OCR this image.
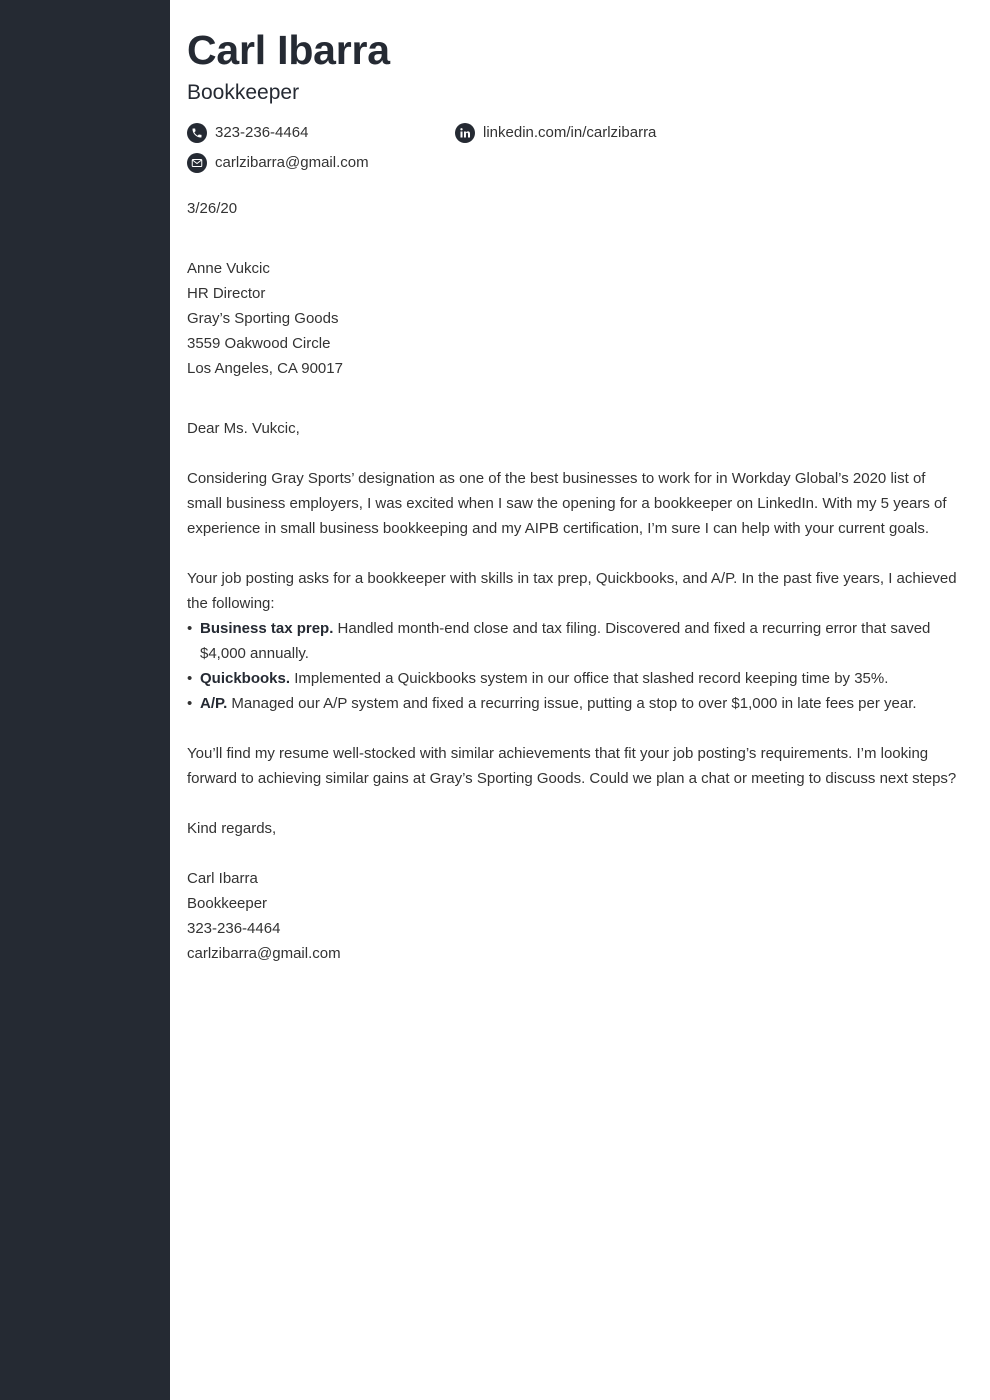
Carl Ibarra
Bookkeeper
323-236-4464	linkedin.com/in/carlzibarra
carlzibarra@gmail.com
3/26/20
Anne Vukcic
HR Director
Gray’s Sporting Goods
3559 Oakwood Circle
Los Angeles, CA 90017
Dear Ms. Vukcic,

Considering Gray Sports’ designation as one of the best businesses to work for in Workday Global’s 2020 list of small business employers, I was excited when I saw the opening for a bookkeeper on LinkedIn. With my 5 years of experience in small business bookkeeping and my AIPB certification, I’m sure I can help with your current goals.

Your job posting asks for a bookkeeper with skills in tax prep, Quickbooks, and A/P. In the past five years, I achieved the following:

• Business tax prep. Handled month-end close and tax filing. Discovered and fixed a recurring error that saved $4,000 annually.
• Quickbooks. Implemented a Quickbooks system in our office that slashed record keeping time by 35%.
• A/P. Managed our A/P system and fixed a recurring issue, putting a stop to over $1,000 in late fees per year.

You’ll find my resume well-stocked with similar achievements that fit your job posting’s requirements. I’m looking forward to achieving similar gains at Gray’s Sporting Goods. Could we plan a chat or meeting to discuss next steps?

Kind regards,
Carl Ibarra
Bookkeeper
323-236-4464
carlzibarra@gmail.com
